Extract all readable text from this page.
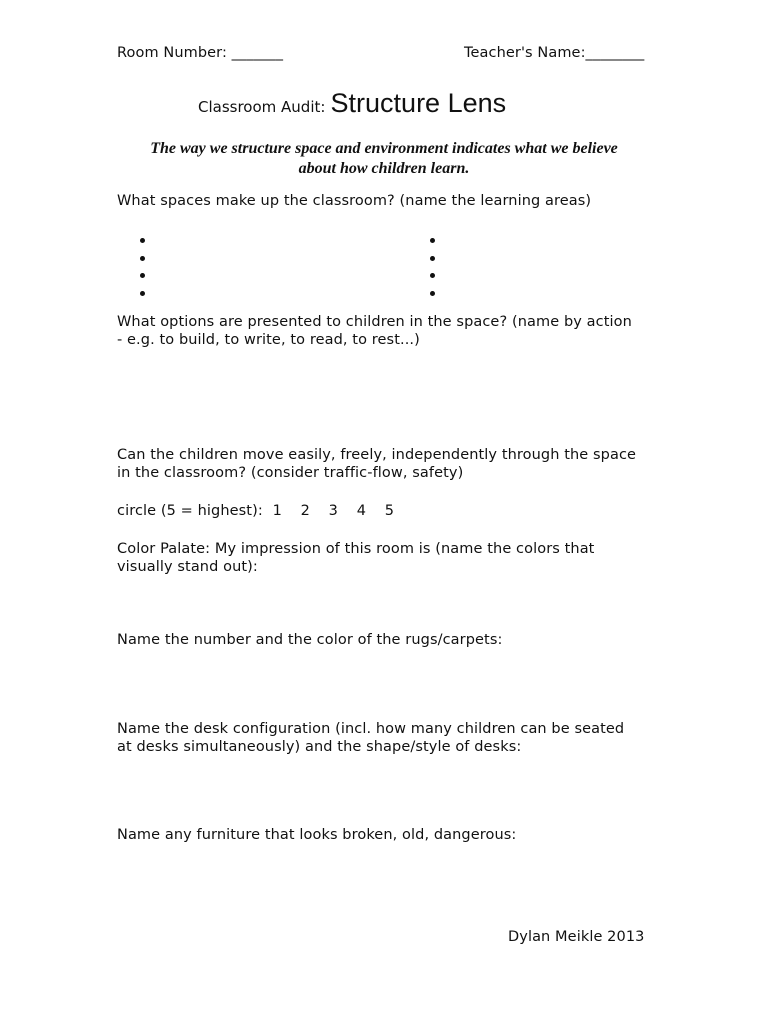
Room Number: _______	Teacher's Name:________
Classroom Audit: Structure Lens
The way we structure space and environment indicates what we believe
about how children learn.
What spaces make up the classroom? (name the learning areas)
What options are presented to children in the space? (name by action
- e.g. to build, to write, to read, to rest...)
Can the children move easily, freely, independently through the space
in the classroom? (consider traffic-flow, safety)
circle (5 = highest): 1 2 3 4 5
Color Palate: My impression of this room is (name the colors that
visually stand out):
Name the number and the color of the rugs/carpets:
Name the desk configuration (incl. how many children can be seated
at desks simultaneously) and the shape/style of desks:
Name any furniture that looks broken, old, dangerous:
Dylan Meikle 2013
